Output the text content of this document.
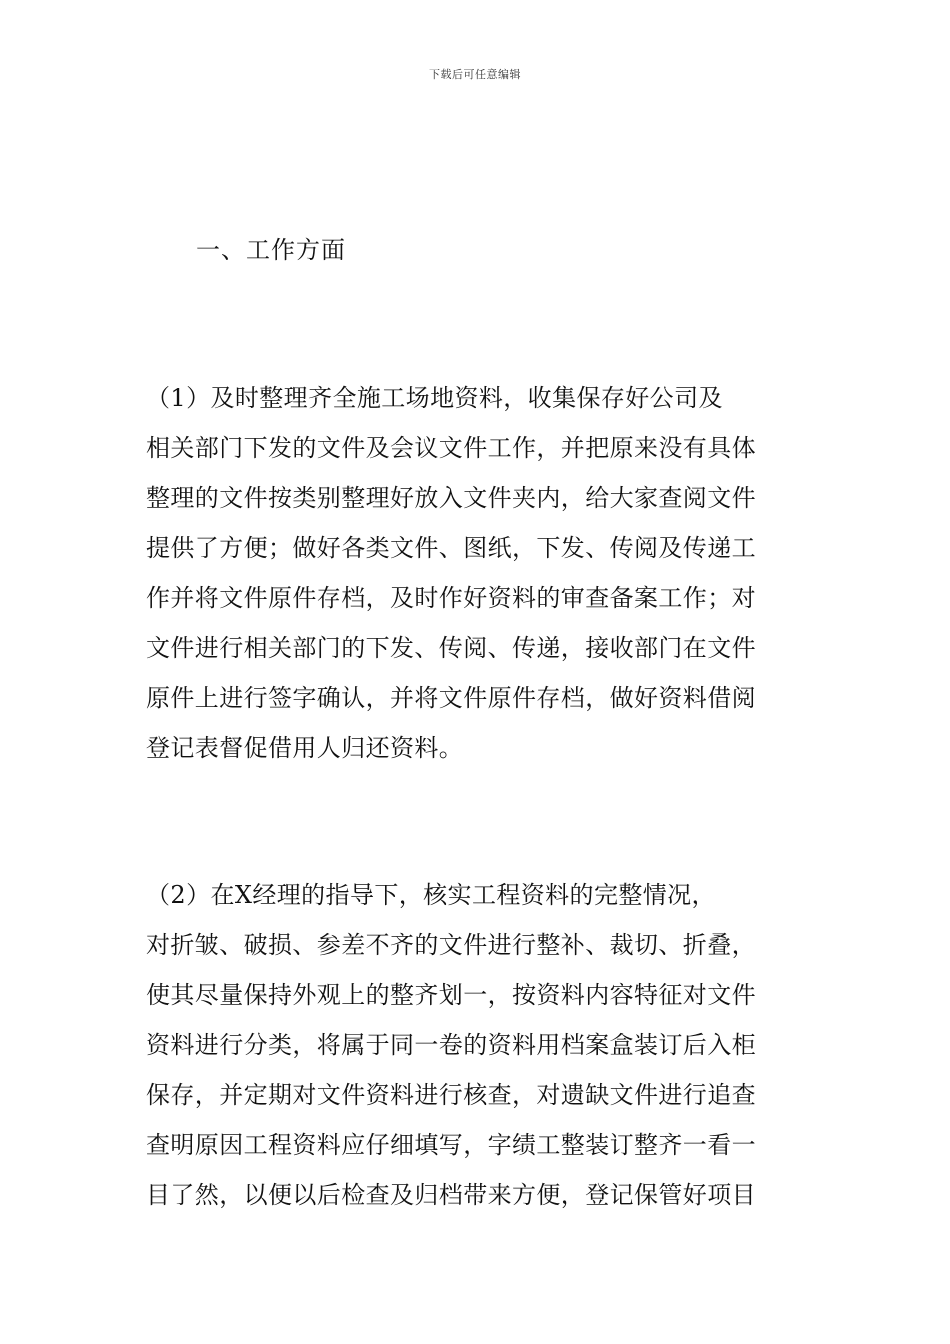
下载后可任意编辑
一、工作方面
（1）及时整理齐全施工场地资料，收集保存好公司及
相关部门下发的文件及会议文件工作，并把原来没有具体
整理的文件按类别整理好放入文件夹内，给大家查阅文件
提供了方便；做好各类文件、图纸，下发、传阅及传递工
作并将文件原件存档，及时作好资料的审查备案工作；对
文件进行相关部门的下发、传阅、传递，接收部门在文件
原件上进行签字确认，并将文件原件存档，做好资料借阅
登记表督促借用人归还资料。
（2）在X经理的指导下，核实工程资料的完整情况，
对折皱、破损、参差不齐的文件进行整补、裁切、折叠，
使其尽量保持外观上的整齐划一，按资料内容特征对文件
资料进行分类，将属于同一卷的资料用档案盒装订后入柜
保存，并定期对文件资料进行核查，对遗缺文件进行追查
查明原因工程资料应仔细填写，字绩工整装订整齐一看一
目了然，以便以后检查及归档带来方便，登记保管好项目
